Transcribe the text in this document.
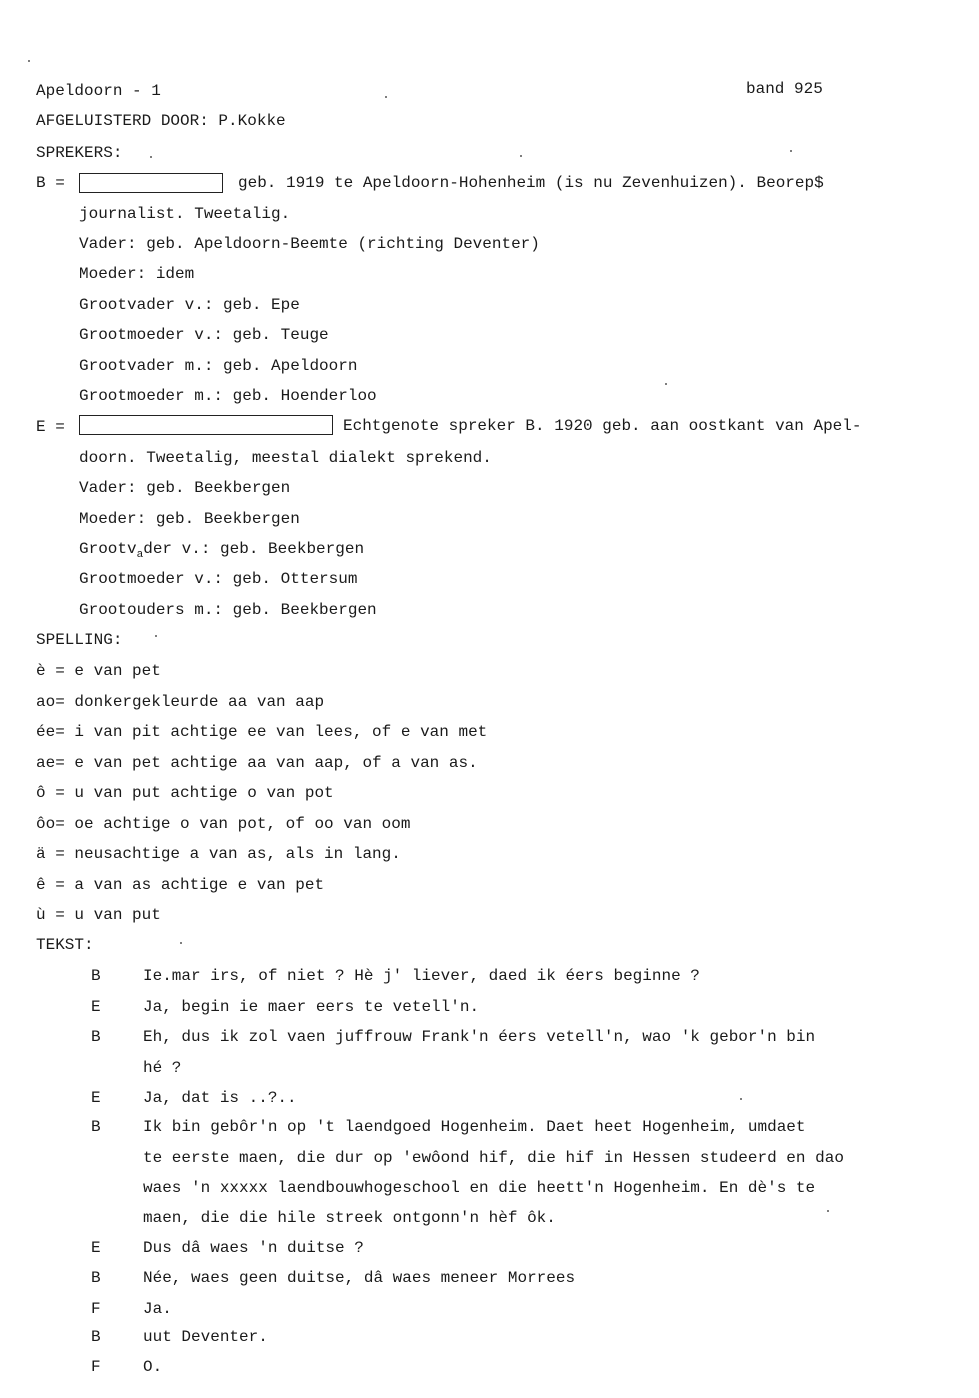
Apeldoorn - 1	band 925
AFGELUISTERD DOOR: P.Kokke
SPREKERS:
B =	geb. 1919 te Apeldoorn-Hohenheim (is nu Zevenhuizen). Beorep$
journalist. Tweetalig.
Vader: geb. Apeldoorn-Beemte (richting Deventer)
Moeder: idem
Grootvader v.: geb. Epe
Grootmoeder v.: geb. Teuge
Grootvader m.: geb. Apeldoorn
Grootmoeder m.: geb. Hoenderloo
E =	Echtgenote spreker B. 1920 geb. aan oostkant van Apel-
doorn. Tweetalig, meestal dialekt sprekend.
Vader: geb. Beekbergen
Moeder: geb. Beekbergen
Grootv$_a$der v.: geb. Beekbergen
Grootmoeder v.: geb. Ottersum
Grootouders m.: geb. Beekbergen
SPELLING:
è = e van pet
ao= donkergekleurde aa van aap
ée= i van pit achtige ee van lees, of e van met
ae= e van pet achtige aa van aap, of a van as.
ô = u van put achtige o van pot
ôo= oe achtige o van pot, of oo van oom
ä = neusachtige a van as, als in lang.
ê = a van as achtige e van pet
ù = u van put
TEKST:
B	Ie.mar irs, of niet ? Hè j' liever, daed ik éers beginne ?
E	Ja, begin ie maer eers te vetell'n.
B	Eh, dus ik zol vaen juffrouw Frank'n éers vetell'n, wao 'k gebor'n bin
hé ?
E	Ja, dat is ..?..
B	Ik bin gebôr'n op 't laendgoed Hogenheim. Daet heet Hogenheim, umdaet
te eerste maen, die dur op 'ewôond hif, die hif in Hessen studeerd en dao
waes 'n xxxxx laendbouwhogeschool en die heett'n Hogenheim. En dè's te
maen, die die hile streek ontgonn'n hèf ôk.
E	Dus dâ waes 'n duitse ?
B	Née, waes geen duitse, dâ waes meneer Morrees
F	Ja.
B	uut Deventer.
F	O.
